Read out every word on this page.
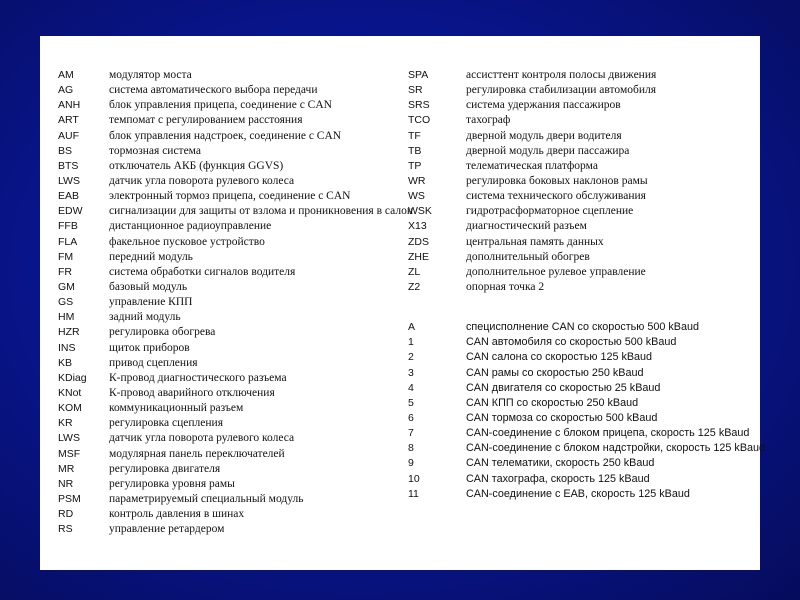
AM
AG
ANH
ART
AUF
BS
BTS
LWS
EAB
EDW
FFB
FLA
FM
FR
GM
GS
HM
HZR
INS
KB
KDiag
KNot
KOM
KR
LWS
MSF
MR
NR
PSM
RD
RS
модулятор моста
система автоматического выбора передачи
блок управления прицепа, соединение с CAN
темпомат с регулированием расстояния
блок управления надстроек, соединение с CAN
тормозная система
отключатель АКБ (функция GGVS)
датчик угла поворота рулевого колеса
электронный тормоз прицепа, соединение с CAN
сигнализации для защиты от взлома и проникновения в салон
дистанционное радиоуправление
факельное пусковое устройство
передний модуль
система обработки сигналов водителя
базовый модуль
управление КПП
задний модуль
регулировка обогрева
щиток приборов
привод сцепления
К-провод диагностического разъема
К-провод аварийного отключения
коммуникационный разъем
регулировка сцепления
датчик угла поворота рулевого колеса
модулярная панель переключателей
регулировка двигателя
регулировка уровня рамы
параметрируемый специальный модуль
контроль давления в шинах
управление ретардером
SPA
SR
SRS
TCO
TF
TB
TP
WR
WS
WSK
X13
ZDS
ZHE
ZL
Z2
A
1
2
3
4
5
6
7
8
9
10
11
ассисттент контроля полосы движения
регулировка стабилизации автомобиля
система удержания пассажиров
тахограф
дверной модуль двери водителя
дверной модуль двери пассажира
телематическая платформа
регулировка боковых наклонов рамы
система технического обслуживания
гидротрасформаторное сцепление
диагностический разъем
центральная память данных
дополнительный обогрев
дополнительное рулевое управление
опорная точка 2
специсполнение CAN со скоростью 500 kBaud
CAN автомобиля со скоростью 500 kBaud
CAN салона со скоростью 125 kBaud
CAN рамы со скоростью 250 kBaud
CAN двигателя со скоростью 25 kBaud
CAN КПП со скоростью 250 kBaud
CAN тормоза со скоростью 500 kBaud
CAN-соединение с блоком прицепа, скорость 125 kBaud
CAN-соединение с блоком надстройки, скорость 125 kBaud
CAN телематики, скорость 250 kBaud
CAN тахографа, скорость 125 kBaud
CAN-соединение с EAB, скорость 125 kBaud
